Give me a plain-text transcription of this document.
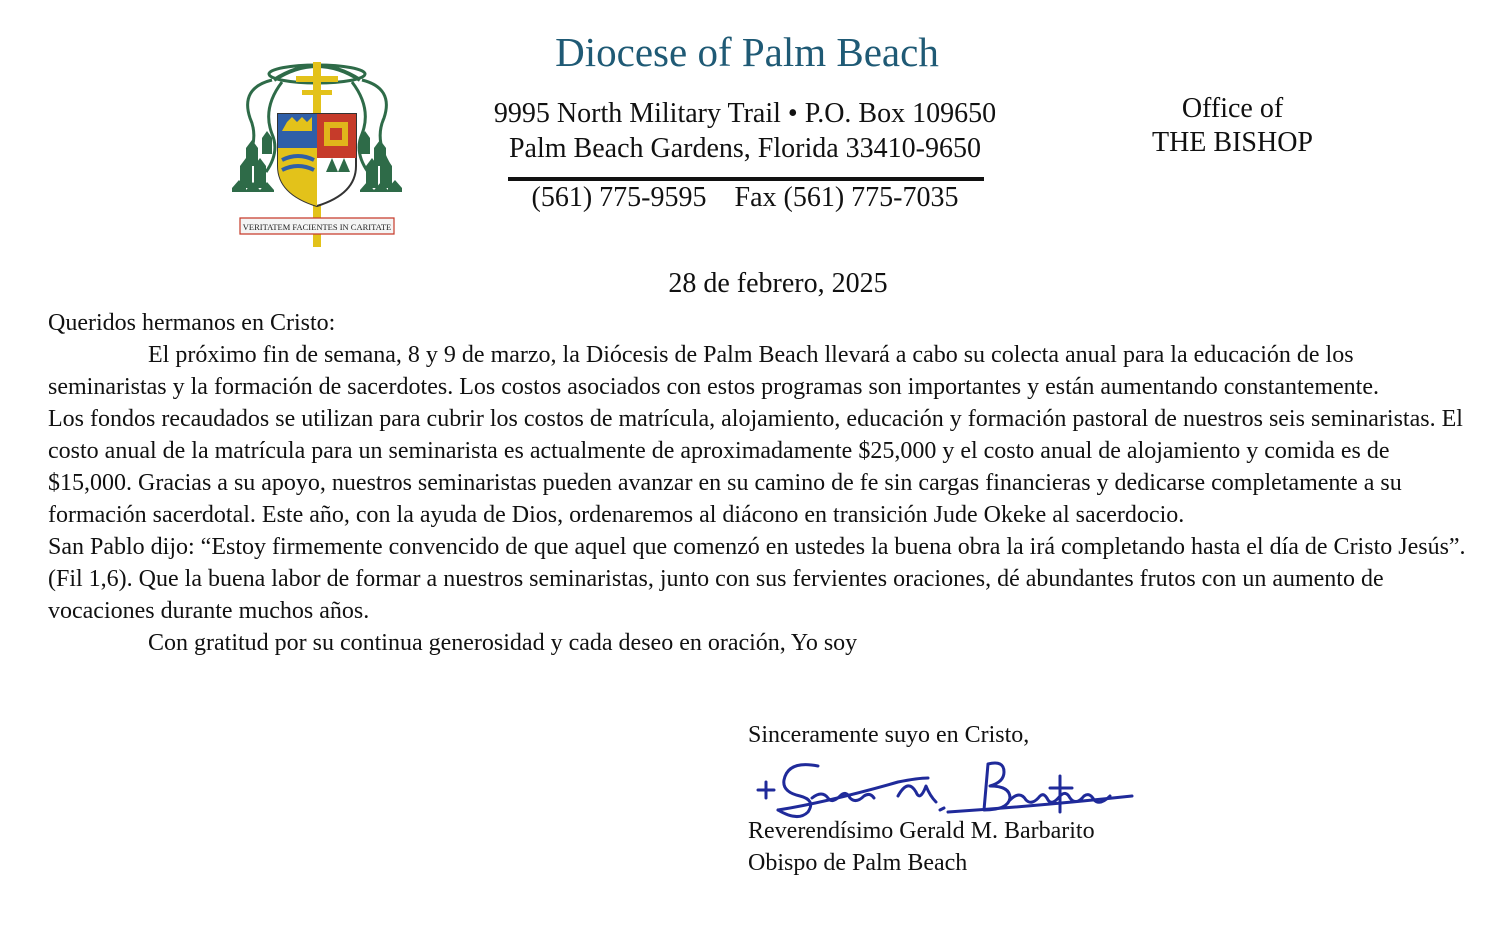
VERITATEM FACIENTES IN CARITATE
Diocese of Palm Beach
9995 North Military Trail • P.O. Box 109650
Palm Beach Gardens, Florida 33410-9650
(561) 775-9595 Fax (561) 775-7035
Office of
THE BISHOP
28 de febrero, 2025

Queridos hermanos en Cristo:

El próximo fin de semana, 8 y 9 de marzo, la Diócesis de Palm Beach llevará a cabo su colecta anual para la educación de los seminaristas y la formación de sacerdotes. Los costos asociados con estos programas son importantes y están aumentando constantemente.

Los fondos recaudados se utilizan para cubrir los costos de matrícula, alojamiento, educación y formación pastoral de nuestros seis seminaristas. El costo anual de la matrícula para un seminarista es actualmente de aproximadamente $25,000 y el costo anual de alojamiento y comida es de $15,000. Gracias a su apoyo, nuestros seminaristas pueden avanzar en su camino de fe sin cargas financieras y dedicarse completamente a su formación sacerdotal. Este año, con la ayuda de Dios, ordenaremos al diácono en transición Jude Okeke al sacerdocio.

San Pablo dijo: “Estoy firmemente convencido de que aquel que comenzó en ustedes la buena obra la irá completando hasta el día de Cristo Jesús”. (Fil 1,6). Que la buena labor de formar a nuestros seminaristas, junto con sus fervientes oraciones, dé abundantes frutos con un aumento de vocaciones durante muchos años.

Con gratitud por su continua generosidad y cada deseo en oración, Yo soy

Sinceramente suyo en Cristo,
Reverendísimo Gerald M. Barbarito
Obispo de Palm Beach
